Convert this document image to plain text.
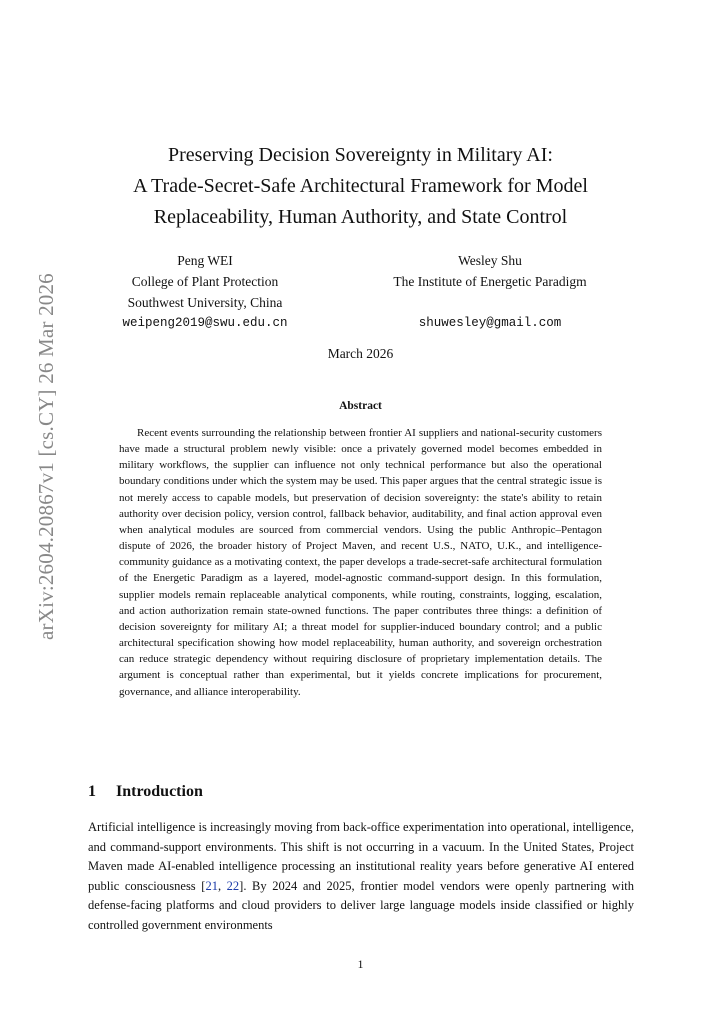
arXiv:2604.20867v1 [cs.CY] 26 Mar 2026
Preserving Decision Sovereignty in Military AI:
A Trade-Secret-Safe Architectural Framework for Model
Replaceability, Human Authority, and State Control
Peng WEI
College of Plant Protection
Southwest University, China
weipeng2019@swu.edu.cn
Wesley Shu
The Institute of Energetic Paradigm
shuwesley@gmail.com
March 2026
Abstract

Recent events surrounding the relationship between frontier AI suppliers and national-security customers have made a structural problem newly visible: once a privately governed model becomes embedded in military workflows, the supplier can influence not only technical performance but also the operational boundary conditions under which the system may be used. This paper argues that the central strategic issue is not merely access to capable models, but preservation of decision sovereignty: the state's ability to retain authority over decision policy, version control, fallback behavior, auditability, and final action approval even when analytical modules are sourced from commercial vendors. Using the public Anthropic–Pentagon dispute of 2026, the broader history of Project Maven, and recent U.S., NATO, U.K., and intelligence-community guidance as a motivating context, the paper develops a trade-secret-safe architectural formulation of the Energetic Paradigm as a layered, model-agnostic command-support design. In this formulation, supplier models remain replaceable analytical components, while routing, constraints, logging, escalation, and action authorization remain state-owned functions. The paper contributes three things: a definition of decision sovereignty for military AI; a threat model for supplier-induced boundary control; and a public architectural specification showing how model replaceability, human authority, and sovereign orchestration can reduce strategic dependency without requiring disclosure of proprietary implementation details. The argument is conceptual rather than experimental, but it yields concrete implications for procurement, governance, and alliance interoperability.

1 Introduction

Artificial intelligence is increasingly moving from back-office experimentation into operational, intelligence, and command-support environments. This shift is not occurring in a vacuum. In the United States, Project Maven made AI-enabled intelligence processing an institutional reality years before generative AI entered public consciousness [21, 22]. By 2024 and 2025, frontier model vendors were openly partnering with defense-facing platforms and cloud providers to deliver large language models inside classified or highly controlled government environments

1
